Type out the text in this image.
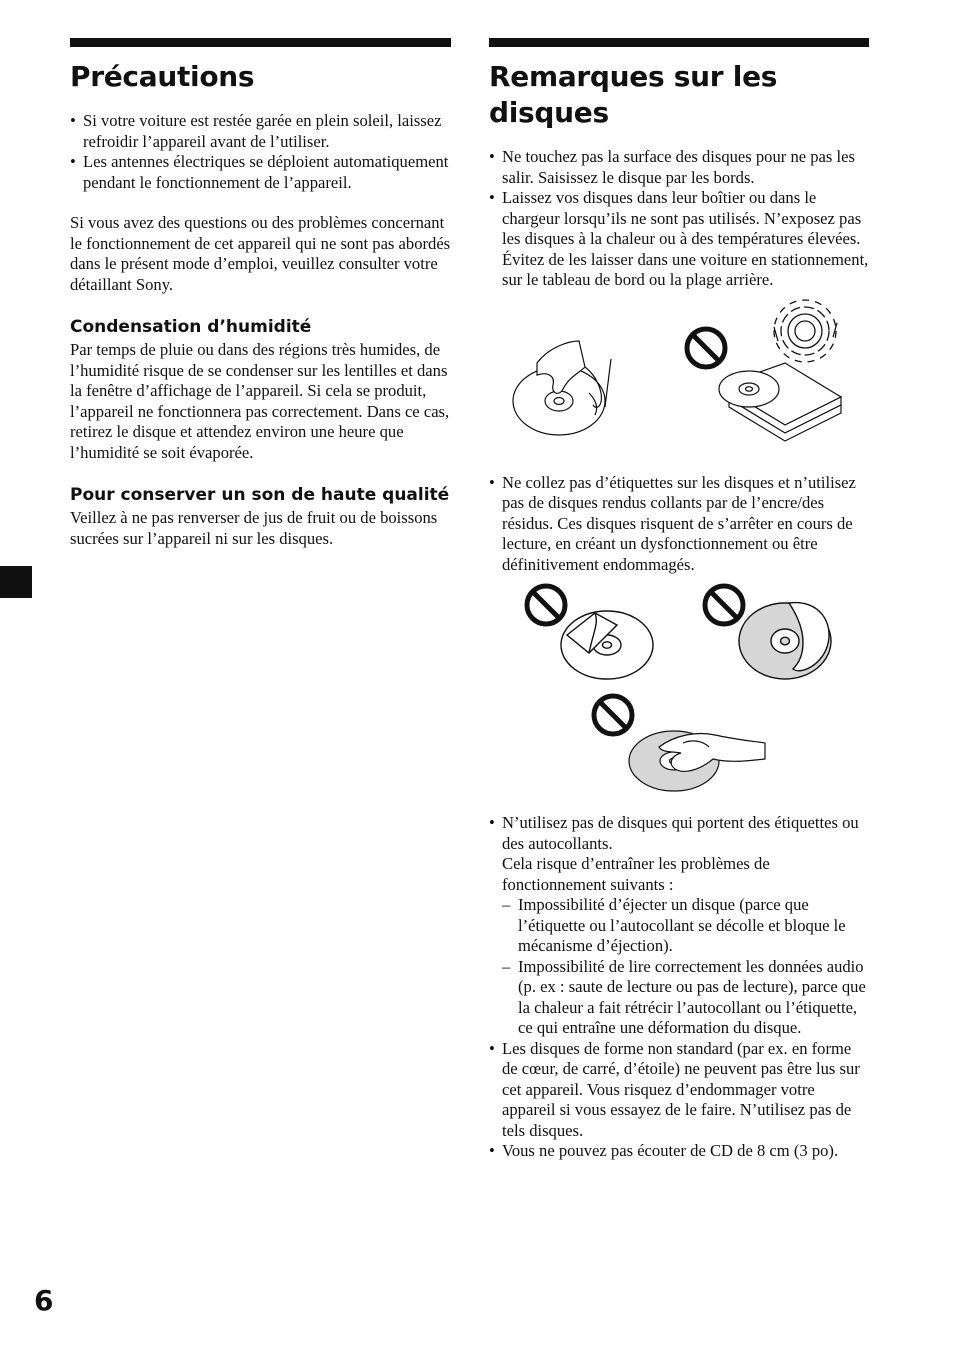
6
Précautions
• Si votre voiture est restée garée en plein soleil, laissez refroidir l’appareil avant de l’utiliser.
• Les antennes électriques se déploient automatiquement pendant le fonctionnement de l’appareil.

Si vous avez des questions ou des problèmes concernant le fonctionnement de cet appareil qui ne sont pas abordés dans le présent mode d’emploi, veuillez consulter votre détaillant Sony.

Condensation d’humidité

Par temps de pluie ou dans des régions très humides, de l’humidité risque de se condenser sur les lentilles et dans la fenêtre d’affichage de l’appareil. Si cela se produit, l’appareil ne fonctionnera pas correctement. Dans ce cas, retirez le disque et attendez environ une heure que l’humidité se soit évaporée.

Pour conserver un son de haute qualité

Veillez à ne pas renverser de jus de fruit ou de boissons sucrées sur l’appareil ni sur les disques.

Remarques sur les disques
• Ne touchez pas la surface des disques pour ne pas les salir. Saisissez le disque par les bords.
• Laissez vos disques dans leur boîtier ou dans le chargeur lorsqu’ils ne sont pas utilisés. N’exposez pas les disques à la chaleur ou à des températures élevées. Évitez de les laisser dans une voiture en stationnement, sur le tableau de bord ou la plage arrière.
• Ne collez pas d’étiquettes sur les disques et n’utilisez pas de disques rendus collants par de l’encre/des résidus. Ces disques risquent de s’arrêter en cours de lecture, en créant un dysfonctionnement ou être définitivement endommagés.
• N’utilisez pas de disques qui portent des étiquettes ou des autocollants.
Cela risque d’entraîner les problèmes de fonctionnement suivants :
– Impossibilité d’éjecter un disque (parce que l’étiquette ou l’autocollant se décolle et bloque le mécanisme d’éjection).
– Impossibilité de lire correctement les données audio (p. ex : saute de lecture ou pas de lecture), parce que la chaleur a fait rétrécir l’autocollant ou l’étiquette, ce qui entraîne une déformation du disque.
• Les disques de forme non standard (par ex. en forme de cœur, de carré, d’étoile) ne peuvent pas être lus sur cet appareil. Vous risquez d’endommager votre appareil si vous essayez de le faire. N’utilisez pas de tels disques.
• Vous ne pouvez pas écouter de CD de 8 cm (3 po).
